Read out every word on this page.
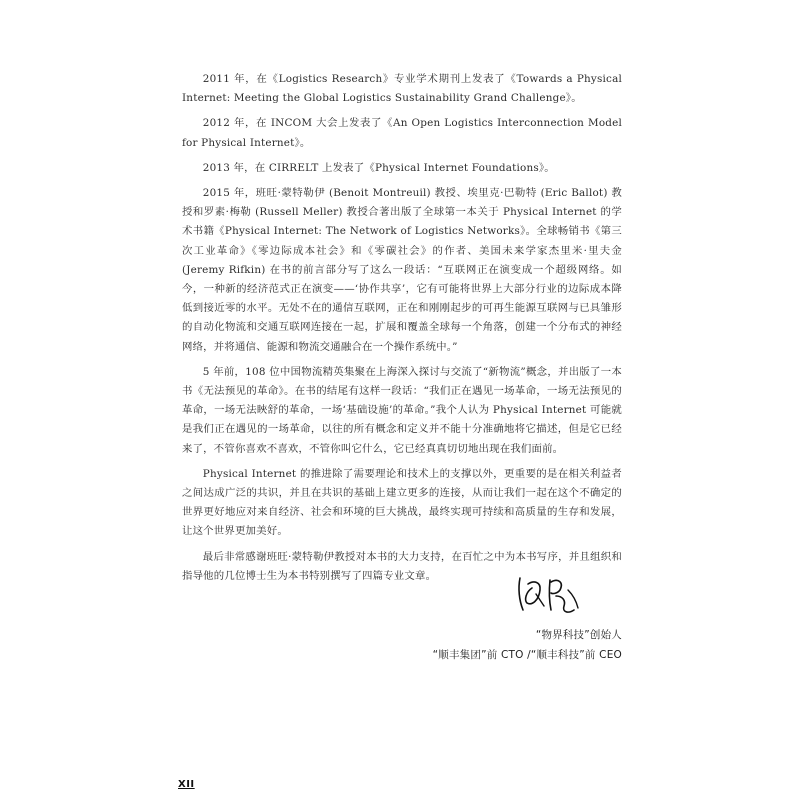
2011 年，在《Logistics Research》专业学术期刊上发表了《Towards a Physical Internet: Meeting the Global Logistics Sustainability Grand Challenge》。

2012 年，在 INCOM 大会上发表了《An Open Logistics Interconnection Model for Physical Internet》。

2013 年，在 CIRRELT 上发表了《Physical Internet Foundations》。

2015 年，班旺·蒙特勒伊 (Benoit Montreuil) 教授、埃里克·巴勒特 (Eric Ballot) 教授和罗素·梅勒 (Russell Meller) 教授合著出版了全球第一本关于 Physical Internet 的学术书籍《Physical Internet: The Network of Logistics Networks》。全球畅销书《第三次工业革命》《零边际成本社会》和《零碳社会》的作者、美国未来学家杰里米·里夫金 (Jeremy Rifkin) 在书的前言部分写了这么一段话：“互联网正在演变成一个超级网络。如今，一种新的经济范式正在演变——‘协作共享’，它有可能将世界上大部分行业的边际成本降低到接近零的水平。无处不在的通信互联网，正在和刚刚起步的可再生能源互联网与已具雏形的自动化物流和交通互联网连接在一起，扩展和覆盖全球每一个角落，创建一个分布式的神经网络，并将通信、能源和物流交通融合在一个操作系统中。”

5 年前，108 位中国物流精英集聚在上海深入探讨与交流了“新物流”概念，并出版了一本书《无法预见的革命》。在书的结尾有这样一段话：“我们正在遇见一场革命，一场无法预见的革命，一场无法䀹舒的革命，一场‘基础设施’的革命。”我个人认为 Physical Internet 可能就是我们正在遇见的一场革命，以往的所有概念和定义并不能十分准确地将它描述，但是它已经来了，不管你喜欢不喜欢，不管你叫它什么，它已经真真切切地出现在我们面前。

Physical Internet 的推进除了需要理论和技术上的支撑以外，更重要的是在相关利益者之间达成广泛的共识，并且在共识的基础上建立更多的连接，从而让我们一起在这个不确定的世界更好地应对来自经济、社会和环境的巨大挑战，最终实现可持续和高质量的生存和发展，让这个世界更加美好。

最后非常感谢班旺·蒙特勒伊教授对本书的大力支持，在百忙之中为本书写序，并且组织和指导他的几位博士生为本书特别撰写了四篇专业文章。

“物界科技”创始人
“顺丰集团”前 CTO /“顺丰科技”前 CEO
XII
